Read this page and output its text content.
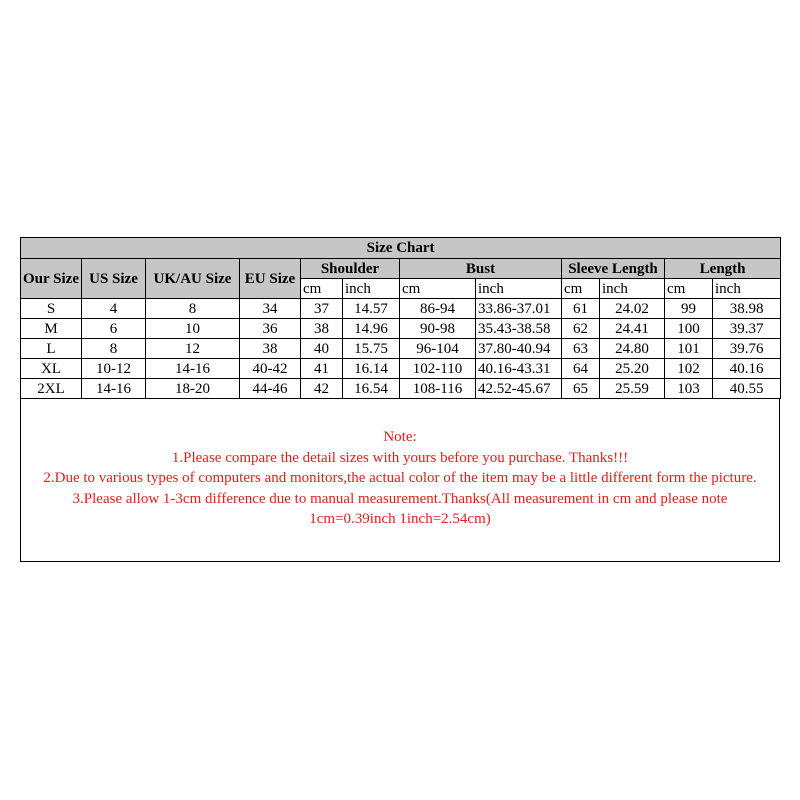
Size Chart											
Our Size	US Size	UK/AU Size	EU Size	Shoulder		Bust		Sleeve Length		Length	
				cm	inch	cm	inch	cm	inch	cm	inch
S	4	8	34	37	14.57	86-94	33.86-37.01	61	24.02	99	38.98
M	6	10	36	38	14.96	90-98	35.43-38.58	62	24.41	100	39.37
L	8	12	38	40	15.75	96-104	37.80-40.94	63	24.80	101	39.76
XL	10-12	14-16	40-42	41	16.14	102-110	40.16-43.31	64	25.20	102	40.16
2XL	14-16	18-20	44-46	42	16.54	108-116	42.52-45.67	65	25.59	103	40.55
Note:
1.Please compare the detail sizes with yours before you purchase. Thanks!!!
2.Due to various types of computers and monitors,the actual color of the item may be a little different form the picture.
3.Please allow 1-3cm difference due to manual measurement.Thanks(All measurement in cm and please note
1cm=0.39inch 1inch=2.54cm)
